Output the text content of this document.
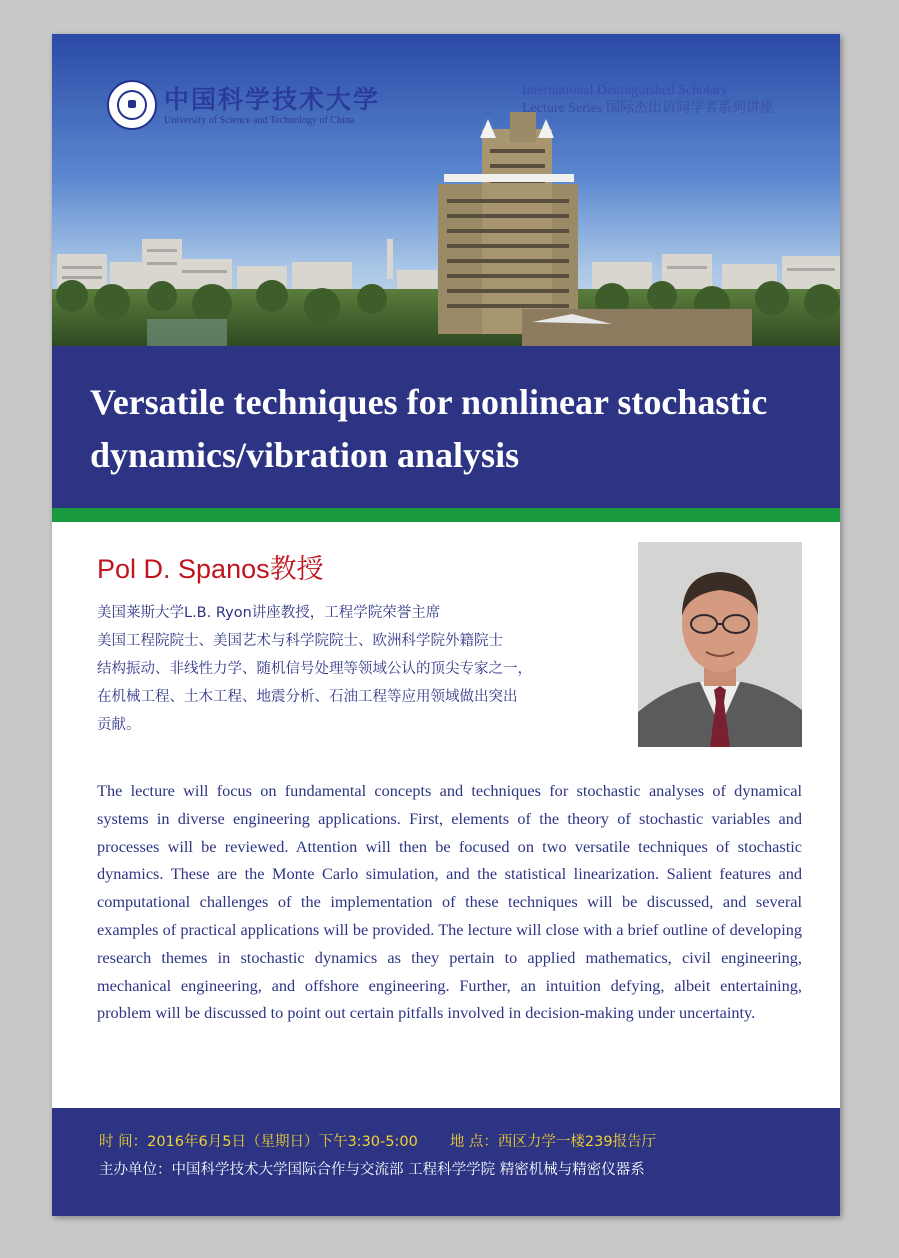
中国科学技术大学
University of Science and Technology of China
International Distinguished Scholars
Lecture Series 国际杰出访问学者系列讲座
Versatile techniques for nonlinear stochastic
dynamics/vibration analysis
Pol D. Spanos教授
美国莱斯大学L.B. Ryon讲座教授，工程学院荣誉主席
美国工程院院士、美国艺术与科学院院士、欧洲科学院外籍院士
结构振动、非线性力学、随机信号处理等领域公认的顶尖专家之一，
在机械工程、土木工程、地震分析、石油工程等应用领域做出突出
贡献。
The lecture will focus on fundamental concepts and techniques for stochastic analyses of dynamical systems in diverse engineering applications. First, elements of the theory of stochastic variables and processes will be reviewed. Attention will then be focused on two versatile techniques of stochastic dynamics. These are the Monte Carlo simulation, and the statistical linearization. Salient features and computational challenges of the implementation of these techniques will be discussed, and several examples of practical applications will be provided. The lecture will close with a brief outline of developing research themes in stochastic dynamics as they pertain to applied mathematics, civil engineering, mechanical engineering, and offshore engineering. Further, an intuition defying, albeit entertaining, problem will be discussed to point out certain pitfalls involved in decision-making under uncertainty.
时 间：2016年6月5日（星期日）下午3:30-5:00 地 点：西区力学一楼239报告厅
主办单位：中国科学技术大学国际合作与交流部 工程科学学院 精密机械与精密仪器系
